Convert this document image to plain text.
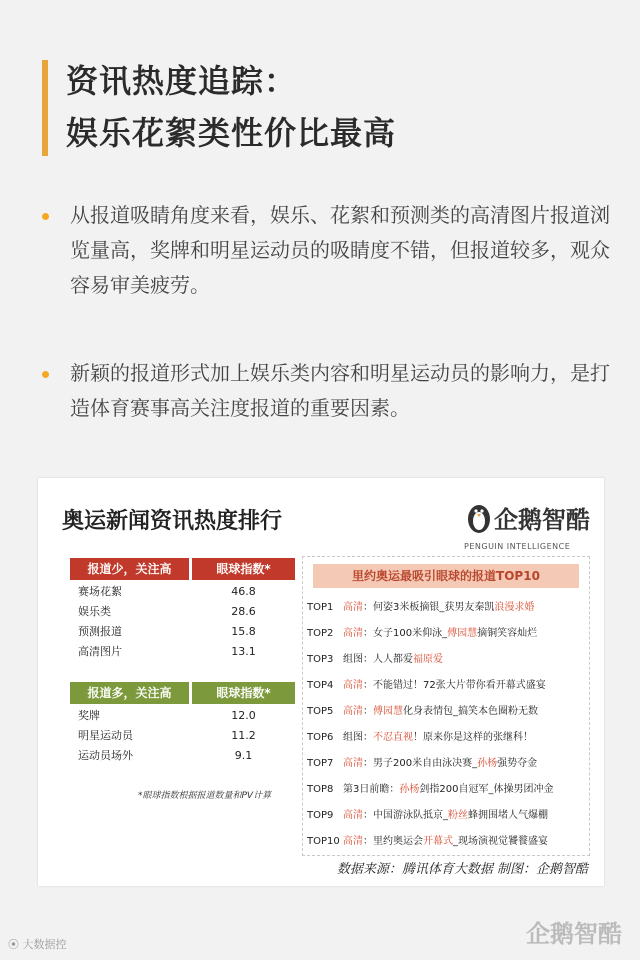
资讯热度追踪：
娱乐花絮类性价比最高
从报道吸睛角度来看，娱乐、花絮和预测类的高清图片报道浏览量高，奖牌和明星运动员的吸睛度不错，但报道较多，观众容易审美疲劳。
新颖的报道形式加上娱乐类内容和明星运动员的影响力，是打造体育赛事高关注度报道的重要因素。
奥运新闻资讯热度排行	企鹅智酷
PENGUIN INTELLIGENCE
报道少，关注高	眼球指数*
赛场花絮	46.8
娱乐类	28.6
预测报道	15.8
高清图片	13.1
报道多，关注高	眼球指数*
奖牌	12.0
明星运动员	11.2
运动员场外	9.1
*眼球指数根据报道数量和PV计算
里约奥运最吸引眼球的报道TOP10
TOP1 高清：何姿3米板摘银_获男友秦凯浪漫求婚
TOP2 高清：女子100米仰泳_傅园慧摘铜笑容灿烂
TOP3 组图：人人都爱福原爱
TOP4 高清：不能错过！72张大片带你看开幕式盛宴
TOP5 高清：傅园慧化身表情包_搞笑本色圈粉无数
TOP6 组图：不忍直视！原来你是这样的张继科！
TOP7 高清：男子200米自由泳决赛_孙杨强势夺金
TOP8 第3日前瞻：孙杨剑指200自冠军_体操男团冲金
TOP9 高清：中国游泳队抵京_粉丝蜂拥围堵人气爆棚
TOP10 高清：里约奥运会开幕式_现场演视觉饕餮盛宴
数据来源：腾讯体育大数据 制图：企鹅智酷
⦿ 大数据控	企鹅智酷
